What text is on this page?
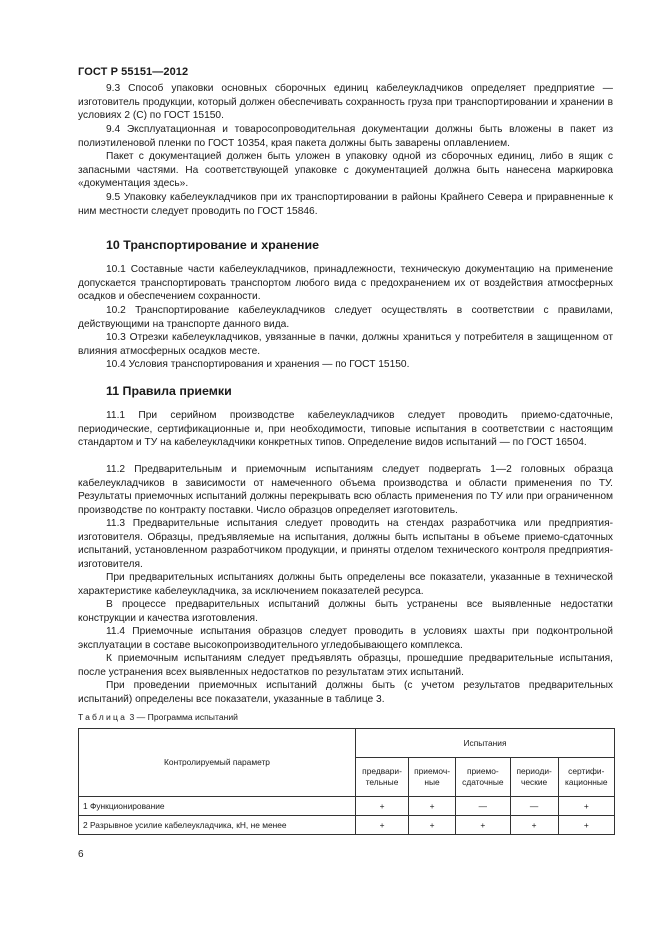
ГОСТ Р 55151—2012

9.3 Способ упаковки основных сборочных единиц кабелеукладчиков определяет предприятие — изготовитель продукции, который должен обеспечивать сохранность груза при транспортировании и хранении в условиях 2 (С) по ГОСТ 15150.

9.4 Эксплуатационная и товаросопроводительная документации должны быть вложены в пакет из полиэтиленовой пленки по ГОСТ 10354, края пакета должны быть заварены оплавлением.

Пакет с документацией должен быть уложен в упаковку одной из сборочных единиц, либо в ящик с запасными частями. На соответствующей упаковке с документацией должна быть нанесена маркировка «документация здесь».

9.5 Упаковку кабелеукладчиков при их транспортировании в районы Крайнего Севера и приравненные к ним местности следует проводить по ГОСТ 15846.

10 Транспортирование и хранение

10.1 Составные части кабелеукладчиков, принадлежности, техническую документацию на применение допускается транспортировать транспортом любого вида с предохранением их от воздействия атмосферных осадков и обеспечением сохранности.

10.2 Транспортирование кабелеукладчиков следует осуществлять в соответствии с правилами, действующими на транспорте данного вида.

10.3 Отрезки кабелеукладчиков, увязанные в пачки, должны храниться у потребителя в защищенном от влияния атмосферных осадков месте.

10.4 Условия транспортирования и хранения — по ГОСТ 15150.

11 Правила приемки

11.1 При серийном производстве кабелеукладчиков следует проводить приемо-сдаточные, периодические, сертификационные и, при необходимости, типовые испытания в соответствии с настоящим стандартом и ТУ на кабелеукладчики конкретных типов. Определение видов испытаний — по ГОСТ 16504.

11.2 Предварительным и приемочным испытаниям следует подвергать 1—2 головных образца кабелеукладчиков в зависимости от намеченного объема производства и области применения по ТУ. Результаты приемочных испытаний должны перекрывать всю область применения по ТУ или при ограниченном производстве по контракту поставки. Число образцов определяет изготовитель.

11.3 Предварительные испытания следует проводить на стендах разработчика или предприятия-изготовителя. Образцы, предъявляемые на испытания, должны быть испытаны в объеме приемо-сдаточных испытаний, установленном разработчиком продукции, и приняты отделом технического контроля предприятия-изготовителя.

При предварительных испытаниях должны быть определены все показатели, указанные в технической характеристике кабелеукладчика, за исключением показателей ресурса.

В процессе предварительных испытаний должны быть устранены все выявленные недостатки конструкции и качества изготовления.

11.4 Приемочные испытания образцов следует проводить в условиях шахты при подконтрольной эксплуатации в составе высокопроизводительного угледобывающего комплекса.

К приемочным испытаниям следует предъявлять образцы, прошедшие предварительные испытания, после устранения всех выявленных недостатков по результатам этих испытаний.

При проведении приемочных испытаний должны быть (с учетом результатов предварительных испытаний) определены все показатели, указанные в таблице 3.

Таблица 3 — Программа испытаний
Контролируемый параметр	Испытания				
	предвари-тельные	приемоч-ные	приемо-сдаточные	периоди-ческие	сертифи-кационные
1 Функционирование	+	+	—	—	+
2 Разрывное усилие кабелеукладчика, кН, не менее	+	+	+	+	+
6
